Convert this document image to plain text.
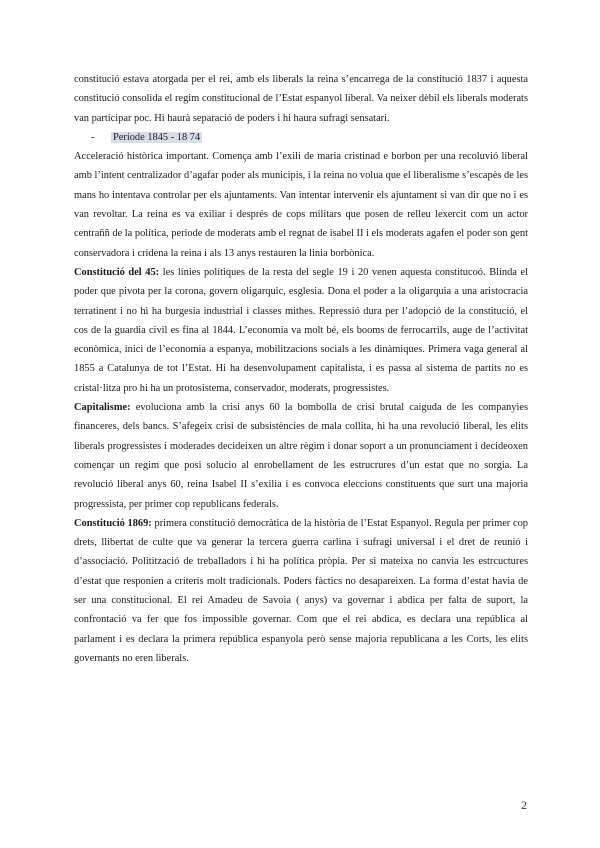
constitució estava atorgada per el rei, amb els liberals la reina s’encarrega de la constitució 1837 i aquesta constitució consolida el regim constitucional de l’Estat espanyol liberal. Va neixer dèbil els liberals moderats van participar poc. Hi haurà separació de poders i hi haura sufragi sensatari.

- Període 1845 - 18 74

Acceleració històrica important. Comença amb l’exili de maria cristinad e borbon per una recoluvió liberal amb l’intent centralizador d’agafar poder als municipis, i la reina no volua que el liberalisme s’escapès de les mans ho intentava controlar per els ajuntaments. Van intentar intervenir els ajuntament si van dir que no i es van revoltar. La reina es va exiliar i després de cops militars que posen de relleu lexercit com un actor centraññ de la política, periode de moderats amb el regnat de isabel II i els moderats agafen el poder son gent conservadora i cridena la reina i als 13 anys restauren la linia borbònica.

Constitució del 45: les línies polítiques de la resta del segle 19 i 20 venen aquesta constitucoó. Blinda el poder que pivota per la corona, govern oligarquic, esglesia. Dona el poder a la oligarquia a una aristocracia terratinent i no hi ha burgesia industrial i classes mithes. Repressió dura per l’adopció de la constitució, el cos de la guardia civil es fina al 1844. L’economia va molt bé, els booms de ferrocarrils, auge de l’activitat econòmica, inici de l’economia a espanya, mobilitzacions socials a les dinàmiques. Primera vaga general al 1855 a Catalunya de tot l’Estat. Hi ha desenvolupament capitalista, i es passa al sistema de partits no es cristal·litza pro hi ha un protosistema, conservador, moderats, progressistes.

Capitalisme: evoluciona amb la crisi anys 60 la bombolla de crisi brutal caiguda de les companyies financeres, dels bancs. S’afegeix crisi de subsistències de mala collita, hi ha una revolució liberal, les elits liberals progressistes i moderades decideixen un altre règim i donar soport a un pronunciament i decideoxen començar un regim que posi solucio al enrobellament de les estrucrures d’un estat que no sorgia. La revolució liberal anys 60, reina Isabel II s’exilia i es convoca eleccions constituents que surt una majoria progressista, per primer cop republicans federals.

Constitució 1869: primera constitució democràtica de la història de l’Estat Espanyol. Regula per primer cop drets, llibertat de culte que va generar la tercera guerra carlina i sufragi universal i el dret de reunió i d’associació. Politització de treballadors i hi ha política pròpia. Per si mateixa no canvia les estrcuctures d’estat que responien a criteris molt tradicionals. Poders fàctics no desapareixen. La forma d’estat havia de ser una constitucional. El rei Amadeu de Savoia ( anys) va governar i abdica per falta de suport, la confrontació va fer que fos impossible governar. Com que el rei abdica, es declara una república al parlament i es declara la primera república espanyola però sense majoria republicana a les Corts, les elits governants no eren liberals.

2
